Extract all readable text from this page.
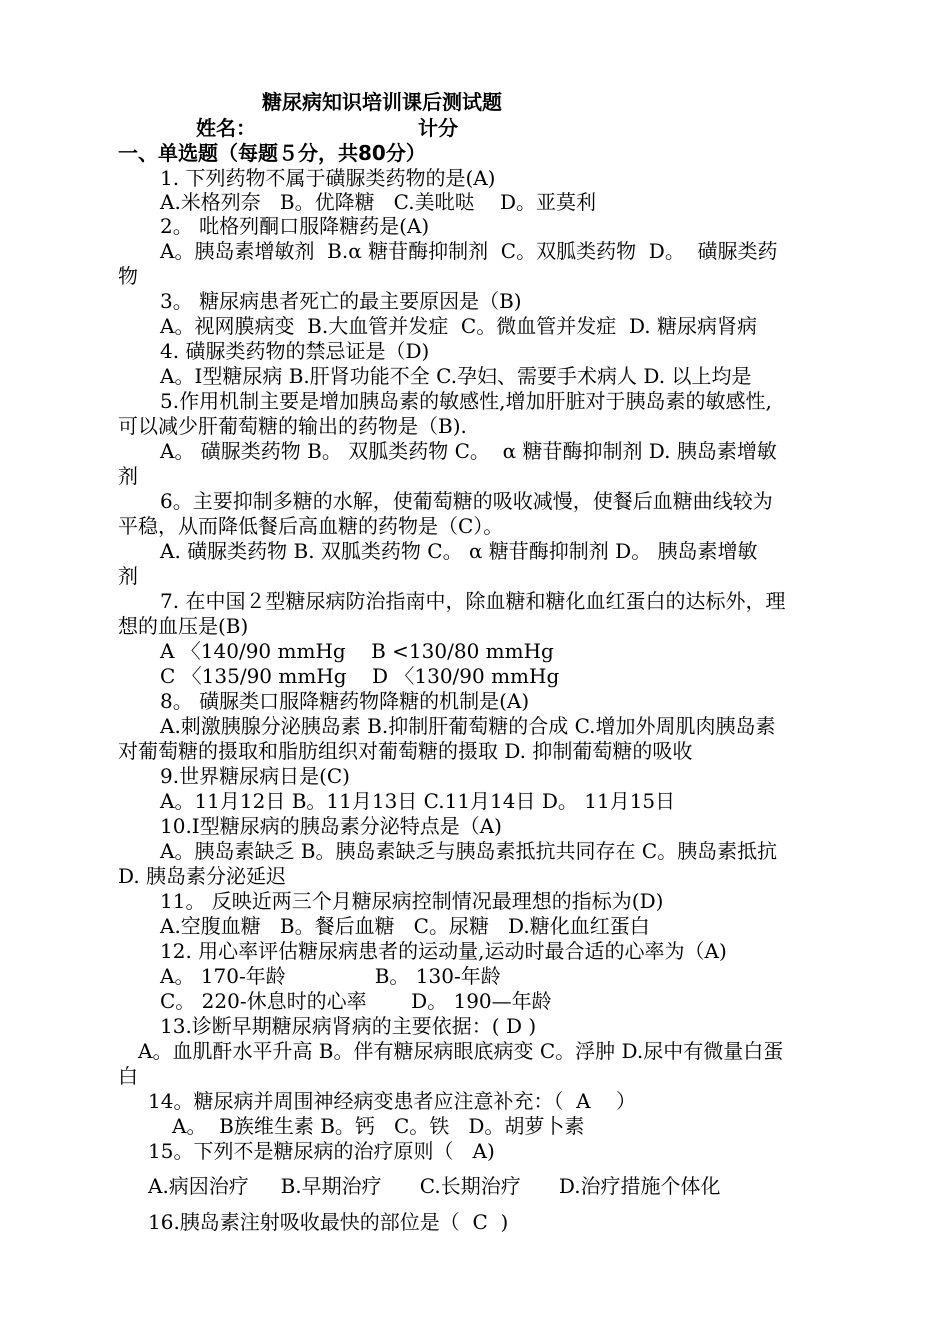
糖尿病知识培训课后测试题
姓名：	计分
一、单选题（每题５分，共80分）
1. 下列药物不属于磺脲类药物的是(A)
A.米格列奈   B。优降糖   C.美吡哒    D。亚莫利
2。 吡格列酮口服降糖药是(A)
A。胰岛素增敏剂  B.α 糖苷酶抑制剂  C。双胍类药物  D。  磺脲类药
物
3。 糖尿病患者死亡的最主要原因是（B)
A。视网膜病变  B.大血管并发症  C。微血管并发症  D. 糖尿病肾病
4. 磺脲类药物的禁忌证是（D)
A。I型糖尿病 B.肝肾功能不全 C.孕妇、需要手术病人 D. 以上均是
5.作用机制主要是增加胰岛素的敏感性,增加肝脏对于胰岛素的敏感性,
可以减少肝葡萄糖的输出的药物是（B).
A。 磺脲类药物 B。 双胍类药物 C。  α 糖苷酶抑制剂 D. 胰岛素增敏
剂
6。主要抑制多糖的水解，使葡萄糖的吸收减慢，使餐后血糖曲线较为
平稳，从而降低餐后高血糖的药物是（C）。
A. 磺脲类药物 B. 双胍类药物 C。 α 糖苷酶抑制剂 D。 胰岛素增敏
剂
7. 在中国２型糖尿病防治指南中，除血糖和糖化血红蛋白的达标外，理
想的血压是(B)
A 〈140/90 mmHg    B <130/80 mmHg
C 〈135/90 mmHg    D 〈130/90 mmHg
8。 磺脲类口服降糖药物降糖的机制是(A)
A.刺激胰腺分泌胰岛素 B.抑制肝葡萄糖的合成 C.增加外周肌肉胰岛素
对葡萄糖的摄取和脂肪组织对葡萄糖的摄取 D. 抑制葡萄糖的吸收
9.世界糖尿病日是(C)
A。11月12日 B。11月13日 C.11月14日 D。 11月15日
10.I型糖尿病的胰岛素分泌特点是（A)
A。胰岛素缺乏 B。胰岛素缺乏与胰岛素抵抗共同存在 C。胰岛素抵抗
D. 胰岛素分泌延迟
11。 反映近两三个月糖尿病控制情况最理想的指标为(D)
A.空腹血糖   B。餐后血糖   C。尿糖   D.糖化血红蛋白
12. 用心率评估糖尿病患者的运动量,运动时最合适的心率为（A)
A。 170-年龄              B。 130-年龄
C。 220-休息时的心率       D。 190—年龄
13.诊断早期糖尿病肾病的主要依据：( D )
A。血肌酐水平升高 B。伴有糖尿病眼底病变 C。浮肿 D.尿中有微量白蛋
白
14。糖尿病并周围神经病变患者应注意补充：（  A    ）
A。  B族维生素 B。钙   C。铁   D。胡萝卜素
15。下列不是糖尿病的治疗原则（   A)
A.病因治疗     B.早期治疗      C.长期治疗      D.治疗措施个体化
16.胰岛素注射吸收最快的部位是（  C  )
